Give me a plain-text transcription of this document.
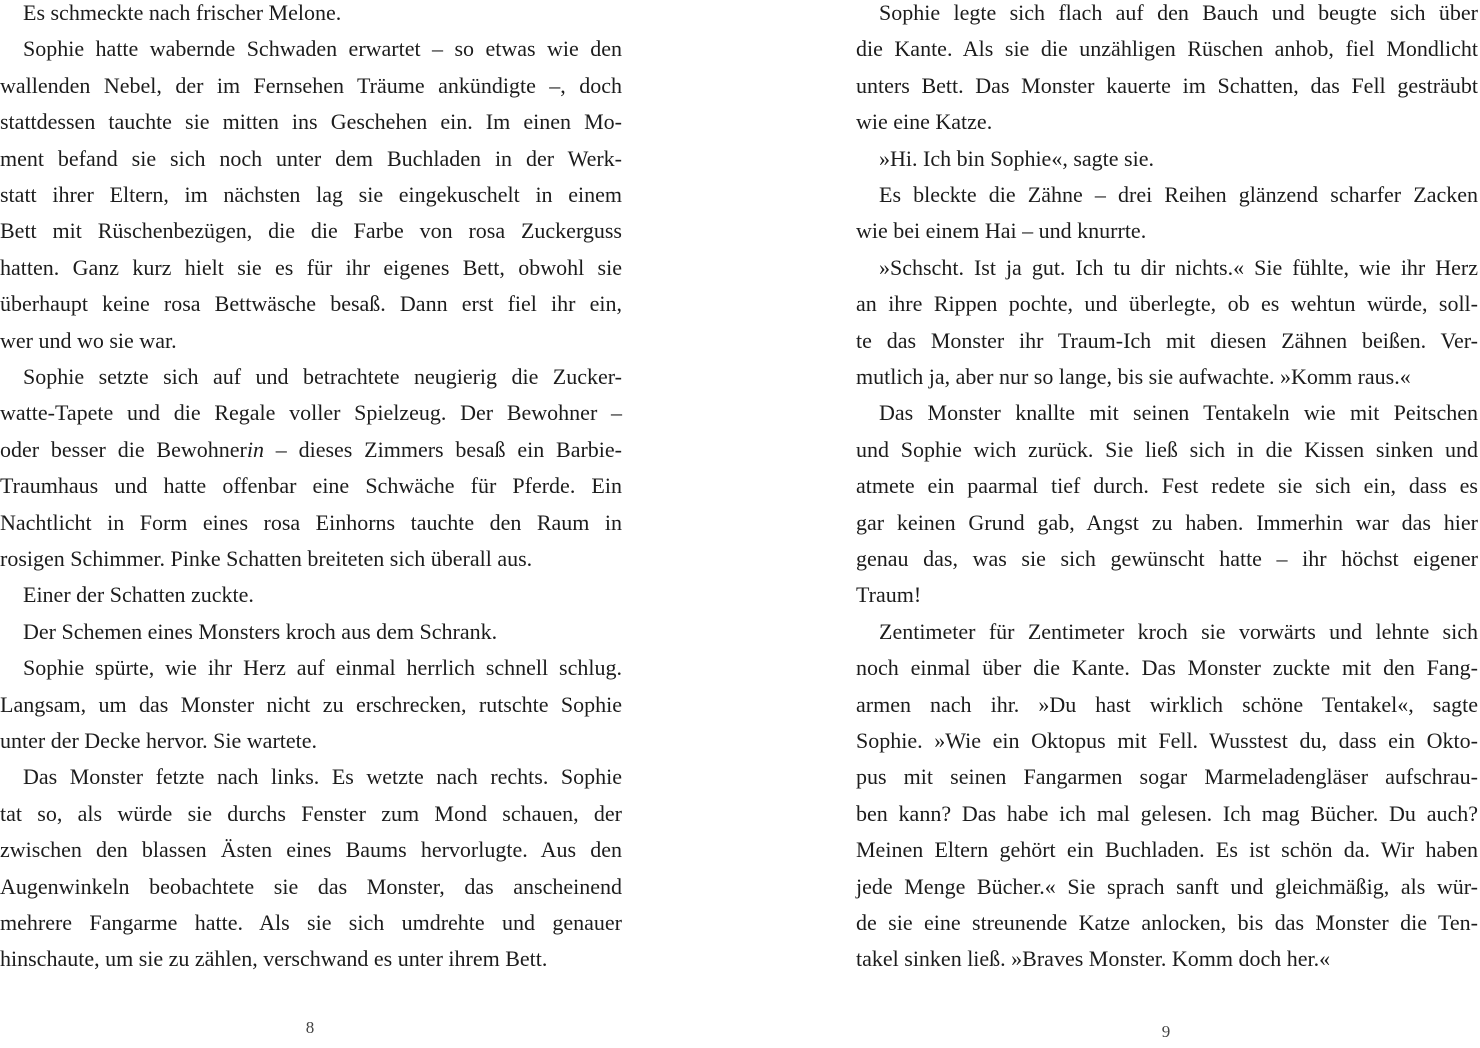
Es schmeckte nach frischer Melone.
Sophie hatte wabernde Schwaden erwartet – so etwas wie den
wallenden Nebel, der im Fernsehen Träume ankündigte –, doch
stattdessen tauchte sie mitten ins Geschehen ein. Im einen Mo-
ment befand sie sich noch unter dem Buchladen in der Werk-
statt ihrer Eltern, im nächsten lag sie eingekuschelt in einem
Bett mit Rüschenbezügen, die die Farbe von rosa Zuckerguss
hatten. Ganz kurz hielt sie es für ihr eigenes Bett, obwohl sie
überhaupt keine rosa Bettwäsche besaß. Dann erst fiel ihr ein,
wer und wo sie war.
Sophie setzte sich auf und betrachtete neugierig die Zucker-
watte-Tapete und die Regale voller Spielzeug. Der Bewohner –
oder besser die Bewohnerin – dieses Zimmers besaß ein Barbie-
Traumhaus und hatte offenbar eine Schwäche für Pferde. Ein
Nachtlicht in Form eines rosa Einhorns tauchte den Raum in
rosigen Schimmer. Pinke Schatten breiteten sich überall aus.
Einer der Schatten zuckte.
Der Schemen eines Monsters kroch aus dem Schrank.
Sophie spürte, wie ihr Herz auf einmal herrlich schnell schlug.
Langsam, um das Monster nicht zu erschrecken, rutschte Sophie
unter der Decke hervor. Sie wartete.
Das Monster fetzte nach links. Es wetzte nach rechts. Sophie
tat so, als würde sie durchs Fenster zum Mond schauen, der
zwischen den blassen Ästen eines Baums hervorlugte. Aus den
Augenwinkeln beobachtete sie das Monster, das anscheinend
mehrere Fangarme hatte. Als sie sich umdrehte und genauer
hinschaute, um sie zu zählen, verschwand es unter ihrem Bett.
Sophie legte sich flach auf den Bauch und beugte sich über
die Kante. Als sie die unzähligen Rüschen anhob, fiel Mondlicht
unters Bett. Das Monster kauerte im Schatten, das Fell gesträubt
wie eine Katze.
»Hi. Ich bin Sophie«, sagte sie.
Es bleckte die Zähne – drei Reihen glänzend scharfer Zacken
wie bei einem Hai – und knurrte.
»Schscht. Ist ja gut. Ich tu dir nichts.« Sie fühlte, wie ihr Herz
an ihre Rippen pochte, und überlegte, ob es wehtun würde, soll-
te das Monster ihr Traum-Ich mit diesen Zähnen beißen. Ver-
mutlich ja, aber nur so lange, bis sie aufwachte. »Komm raus.«
Das Monster knallte mit seinen Tentakeln wie mit Peitschen
und Sophie wich zurück. Sie ließ sich in die Kissen sinken und
atmete ein paarmal tief durch. Fest redete sie sich ein, dass es
gar keinen Grund gab, Angst zu haben. Immerhin war das hier
genau das, was sie sich gewünscht hatte – ihr höchst eigener
Traum!
Zentimeter für Zentimeter kroch sie vorwärts und lehnte sich
noch einmal über die Kante. Das Monster zuckte mit den Fang-
armen nach ihr. »Du hast wirklich schöne Tentakel«, sagte
Sophie. »Wie ein Oktopus mit Fell. Wusstest du, dass ein Okto-
pus mit seinen Fangarmen sogar Marmeladengläser aufschrau-
ben kann? Das habe ich mal gelesen. Ich mag Bücher. Du auch?
Meinen Eltern gehört ein Buchladen. Es ist schön da. Wir haben
jede Menge Bücher.« Sie sprach sanft und gleichmäßig, als wür-
de sie eine streunende Katze anlocken, bis das Monster die Ten-
takel sinken ließ. »Braves Monster. Komm doch her.«
8	9
